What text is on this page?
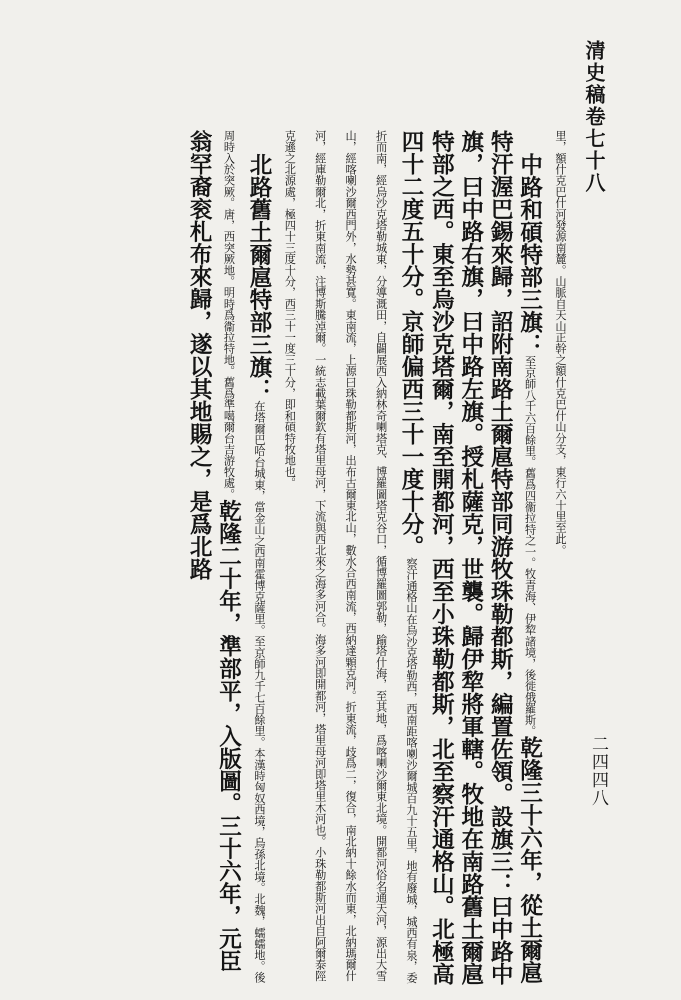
清史稿卷七十八
二四四八

里，額什克巴什河發源南麓。山脈自天山正幹之額什克巴什山分支，東行六十里至此。

中路和碩特部三旗：至京師八千六百餘里。舊爲四衞拉特之一。牧青海、伊犂諸境，後徙俄羅斯。乾隆三十六年，從土爾扈特汗渥巴錫來歸，詔附南路土爾扈特部同游牧珠勒都斯，編置佐領。設旗三：曰中路中旗，曰中路右旗，曰中路左旗。授札薩克，世襲。歸伊犂將軍轄。牧地在南路舊土爾扈特部之西。東至烏沙克塔爾，南至開都河，西至小珠勒都斯，北至察汗通格山。北極高四十二度五十分。京師偏西三十一度十分。察汗通格山在烏沙克塔勒西，西南距喀喇沙爾城百九十五里，地有廢城，城西有泉，委折而南，經烏沙克塔勒城東，分導溉田，自闢展西入納林奇喇塔克、博羅圖塔克谷口，循博羅圖郭勒，踰塔什海，至其地，爲喀喇沙爾東北境。開都河俗名通天河，源出大雪山，經喀喇沙爾西門外，水勢甚寬。東南流，上源曰珠勒都斯河，出布古爾東北山，數水合西南流，西納達顆克河。折東流，歧爲二，復合，南北納十餘水而東，北納瑪爾什河，經庫勒爾北，折東南流，注博斯騰淖爾。一統志載葉爾欽有塔里母河，下流與西北來之海多河合。海多河即開都河，塔里母河即塔里木河也。小珠勒都斯河出自阿爾泰陘克遜之北源處，極四十三度十分，西三十一度三十分，即和碩特牧地也。

北路舊土爾扈特部三旗：在塔爾巴哈台城東，當金山之西南霍博克薩里。至京師九千七百餘里。本漢時匈奴西境，烏孫北境。北魏，蠕蠕地。後周時入於突厥。唐，西突厥地。明時爲衞拉特地。舊爲準噶爾台吉游牧處。乾隆二十年，準部平，入版圖。三十六年，元臣翁罕裔衮札布來歸，遂以其地賜之，是爲北路
